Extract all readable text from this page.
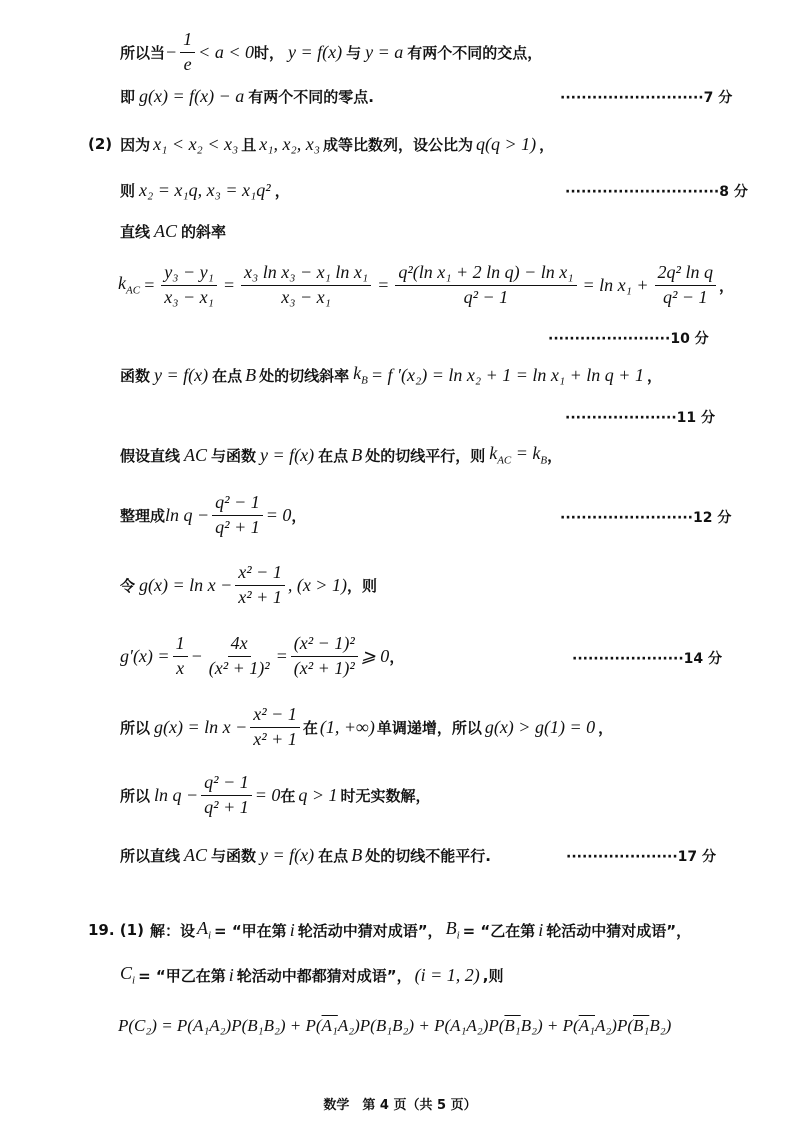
所以当 − $\frac{1}{e} < a < 0$ 时， y = f(x) 与 y = a 有两个不同的交点，
即 g(x) = f(x) − a 有两个不同的零点.	···························7 分
(2) 因为 x₁ < x₂ < x₃ 且 x₁, x₂, x₃ 成等比数列，设公比为 q(q > 1) ，
则 x₂ = x₁q, x₃ = x₁q² ，	·····························8 分
直线 AC 的斜率
$k_{AC} = \frac{\text{y₃ − y₁}}{\text{x₃ − x₁}} = \frac{\text{x₃ ln x₃ − x₁ ln x₁}}{\text{x₃ − x₁}} = \frac{\text{q²(ln x₁ + 2 ln q) − ln x₁}}{\text{q² − 1}} = \ln x_1 + \frac{\text{2q² ln q}}{\text{q² − 1}}$ ，
·······················10 分
函数 y = f(x) 在点 B 处的切线斜率 $k_B = f$ ′(x₂) = ln x₂ + 1 = ln x₁ + ln q + 1 ，
·····················11 分
假设直线 AC 与函数 y = f(x) 在点 B 处的切线平行，则 $k_{AC} = k_B$ ，
整理成 $\ln q - \frac{\text{q² − 1}}{\text{q² + 1}} = 0$ ，	·························12 分
令 $g(x) = \ln x - \frac{\text{x² − 1}}{\text{x² + 1}}$ , (x > 1) ，则
$g'(x) = \frac{1}{x} - \frac{4x}{\text{(x² + 1)²}} = \frac{\text{(x² − 1)²}}{\text{(x² + 1)²}}$ ⩾ 0 ，	·····················14 分
所以 $g(x) = \ln x - \frac{\text{x² − 1}}{\text{x² + 1}}$ 在 (1, +∞) 单调递增，所以 g(x) > g(1) = 0 ，
所以 $\ln q - \frac{\text{q² − 1}}{\text{q² + 1}} = 0$ 在 q > 1 时无实数解，
所以直线 AC 与函数 y = f(x) 在点 B 处的切线不能平行.	·····················17 分
19. (1) 解：设 $A_i$ = “甲在第 i 轮活动中猜对成语”， $B_i$ = “乙在第 i 轮活动中猜对成语”，
$C_i$ = “甲乙在第 i 轮活动中都都猜对成语”， (i = 1, 2) ,则
P(C₂) = P(A₁A₂)P(B₁B₂) + P( A₁ A₂)P(B₁B₂) + P(A₁A₂)P( B₁ B₂) + P( A₁ A₂)P( B₁ B₂)
数学　第 4 页（共 5 页）
